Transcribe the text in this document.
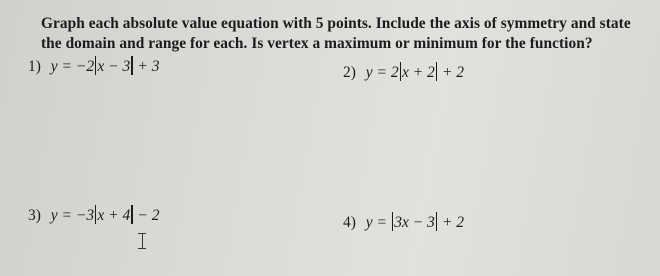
Graph each absolute value equation with 5 points. Include the axis of symmetry and state the domain and range for each. Is vertex a maximum or minimum for the function?
1) y = −2 x − 3 + 3	2) y = 2 x + 2 + 2
3) y = −3 x + 4 − 2	4) y = 3x − 3 + 2
